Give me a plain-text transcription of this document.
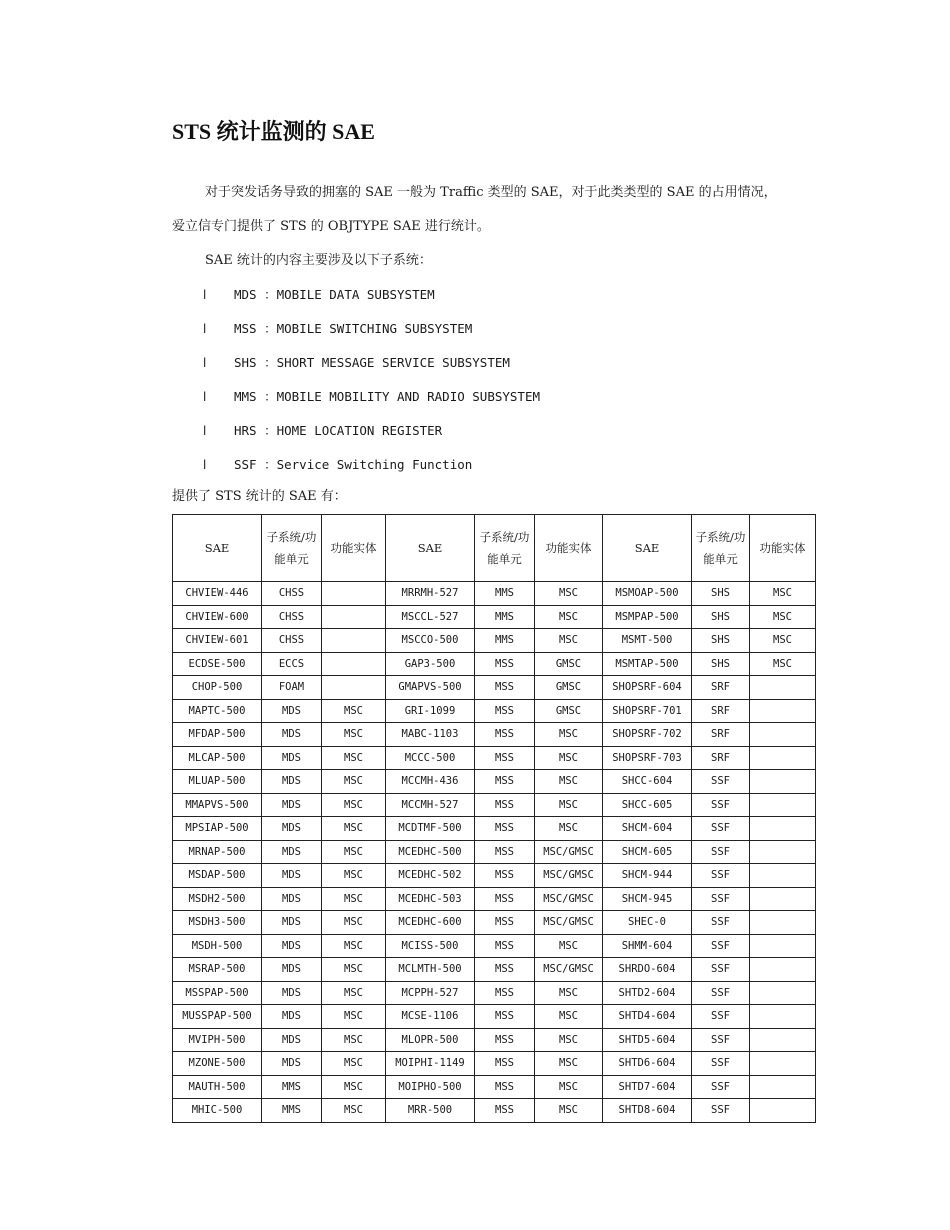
STS 统计监测的 SAE

对于突发话务导致的拥塞的 SAE 一般为 Traffic 类型的 SAE，对于此类类型的 SAE 的占用情况，爱立信专门提供了 STS 的 OBJTYPE SAE 进行统计。

SAE 统计的内容主要涉及以下子系统：

l MDS ：MOBILE DATA SUBSYSTEM
l MSS ：MOBILE SWITCHING SUBSYSTEM
l SHS ：SHORT MESSAGE SERVICE SUBSYSTEM
l MMS ：MOBILE MOBILITY AND RADIO SUBSYSTEM
l HRS ：HOME LOCATION REGISTER
l SSF ：Service Switching Function

提供了 STS 统计的 SAE 有：

SAE	子系统/功能单元	功能实体	SAE	子系统/功能单元	功能实体	SAE	子系统/功能单元	功能实体
CHVIEW-446	CHSS		MRRMH-527	MMS	MSC	MSMOAP-500	SHS	MSC
CHVIEW-600	CHSS		MSCCL-527	MMS	MSC	MSMPAP-500	SHS	MSC
CHVIEW-601	CHSS		MSCCO-500	MMS	MSC	MSMT-500	SHS	MSC
ECDSE-500	ECCS		GAP3-500	MSS	GMSC	MSMTAP-500	SHS	MSC
CHOP-500	FOAM		GMAPVS-500	MSS	GMSC	SHOPSRF-604	SRF	
MAPTC-500	MDS	MSC	GRI-1099	MSS	GMSC	SHOPSRF-701	SRF	
MFDAP-500	MDS	MSC	MABC-1103	MSS	MSC	SHOPSRF-702	SRF	
MLCAP-500	MDS	MSC	MCCC-500	MSS	MSC	SHOPSRF-703	SRF	
MLUAP-500	MDS	MSC	MCCMH-436	MSS	MSC	SHCC-604	SSF	
MMAPVS-500	MDS	MSC	MCCMH-527	MSS	MSC	SHCC-605	SSF	
MPSIAP-500	MDS	MSC	MCDTMF-500	MSS	MSC	SHCM-604	SSF	
MRNAP-500	MDS	MSC	MCEDHC-500	MSS	MSC/GMSC	SHCM-605	SSF	
MSDAP-500	MDS	MSC	MCEDHC-502	MSS	MSC/GMSC	SHCM-944	SSF	
MSDH2-500	MDS	MSC	MCEDHC-503	MSS	MSC/GMSC	SHCM-945	SSF	
MSDH3-500	MDS	MSC	MCEDHC-600	MSS	MSC/GMSC	SHEC-0	SSF	
MSDH-500	MDS	MSC	MCISS-500	MSS	MSC	SHMM-604	SSF	
MSRAP-500	MDS	MSC	MCLMTH-500	MSS	MSC/GMSC	SHRDO-604	SSF	
MSSPAP-500	MDS	MSC	MCPPH-527	MSS	MSC	SHTD2-604	SSF	
MUSSPAP-500	MDS	MSC	MCSE-1106	MSS	MSC	SHTD4-604	SSF	
MVIPH-500	MDS	MSC	MLOPR-500	MSS	MSC	SHTD5-604	SSF	
MZONE-500	MDS	MSC	MOIPHI-1149	MSS	MSC	SHTD6-604	SSF	
MAUTH-500	MMS	MSC	MOIPHO-500	MSS	MSC	SHTD7-604	SSF	
MHIC-500	MMS	MSC	MRR-500	MSS	MSC	SHTD8-604	SSF	
